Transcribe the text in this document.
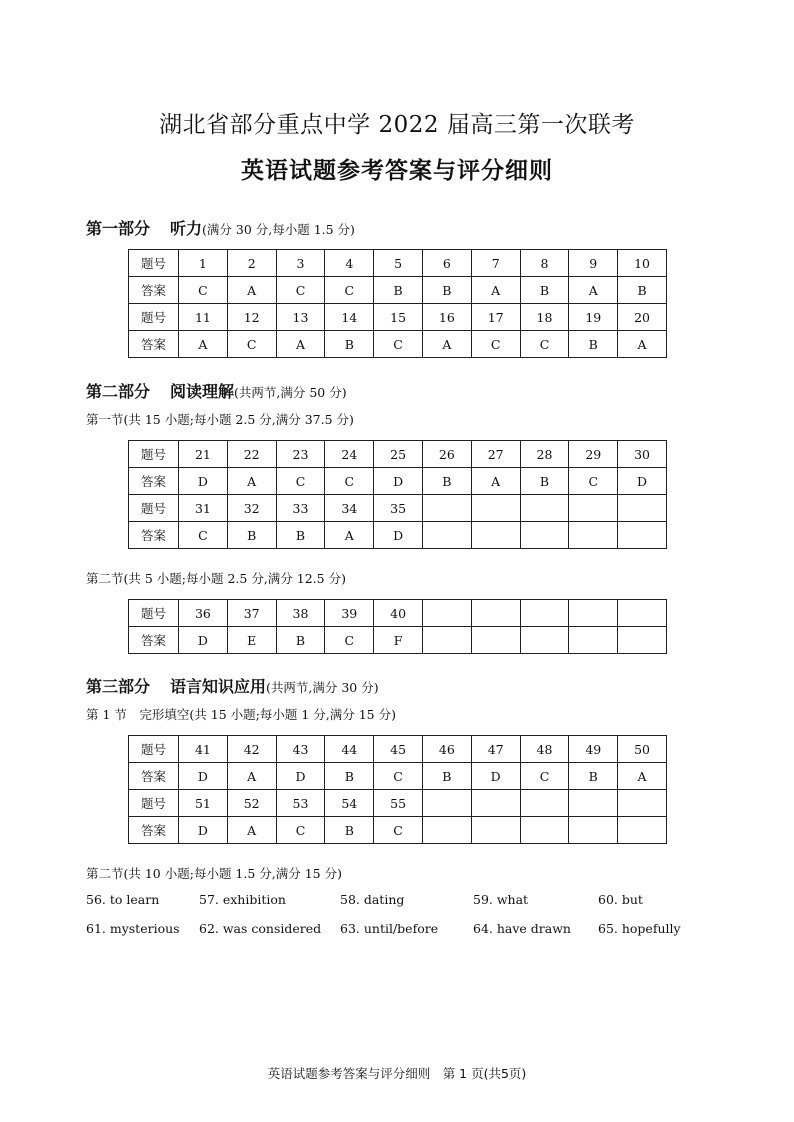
湖北省部分重点中学 2022 届高三第一次联考
英语试题参考答案与评分细则
第一部分 听力(满分 30 分,每小题 1.5 分)
题号	1	2	3	4	5	6	7	8	9	10
答案	C	A	C	C	B	B	A	B	A	B
题号	11	12	13	14	15	16	17	18	19	20
答案	A	C	A	B	C	A	C	C	B	A
第二部分 阅读理解(共两节,满分 50 分)
第一节(共 15 小题;每小题 2.5 分,满分 37.5 分)
题号	21	22	23	24	25	26	27	28	29	30
答案	D	A	C	C	D	B	A	B	C	D
题号	31	32	33	34	35					
答案	C	B	B	A	D					
第二节(共 5 小题;每小题 2.5 分,满分 12.5 分)
题号	36	37	38	39	40					
答案	D	E	B	C	F					
第三部分 语言知识应用(共两节,满分 30 分)
第 1 节　完形填空(共 15 小题;每小题 1 分,满分 15 分)
题号	41	42	43	44	45	46	47	48	49	50
答案	D	A	D	B	C	B	D	C	B	A
题号	51	52	53	54	55					
答案	D	A	C	B	C					
第二节(共 10 小题;每小题 1.5 分,满分 15 分)
56. to learn	57. exhibition	58. dating	59. what	60. but
61. mysterious 62. was considered 63. until/before	64. have drawn 65. hopefully
英语试题参考答案与评分细则　第 1 页(共5页)
